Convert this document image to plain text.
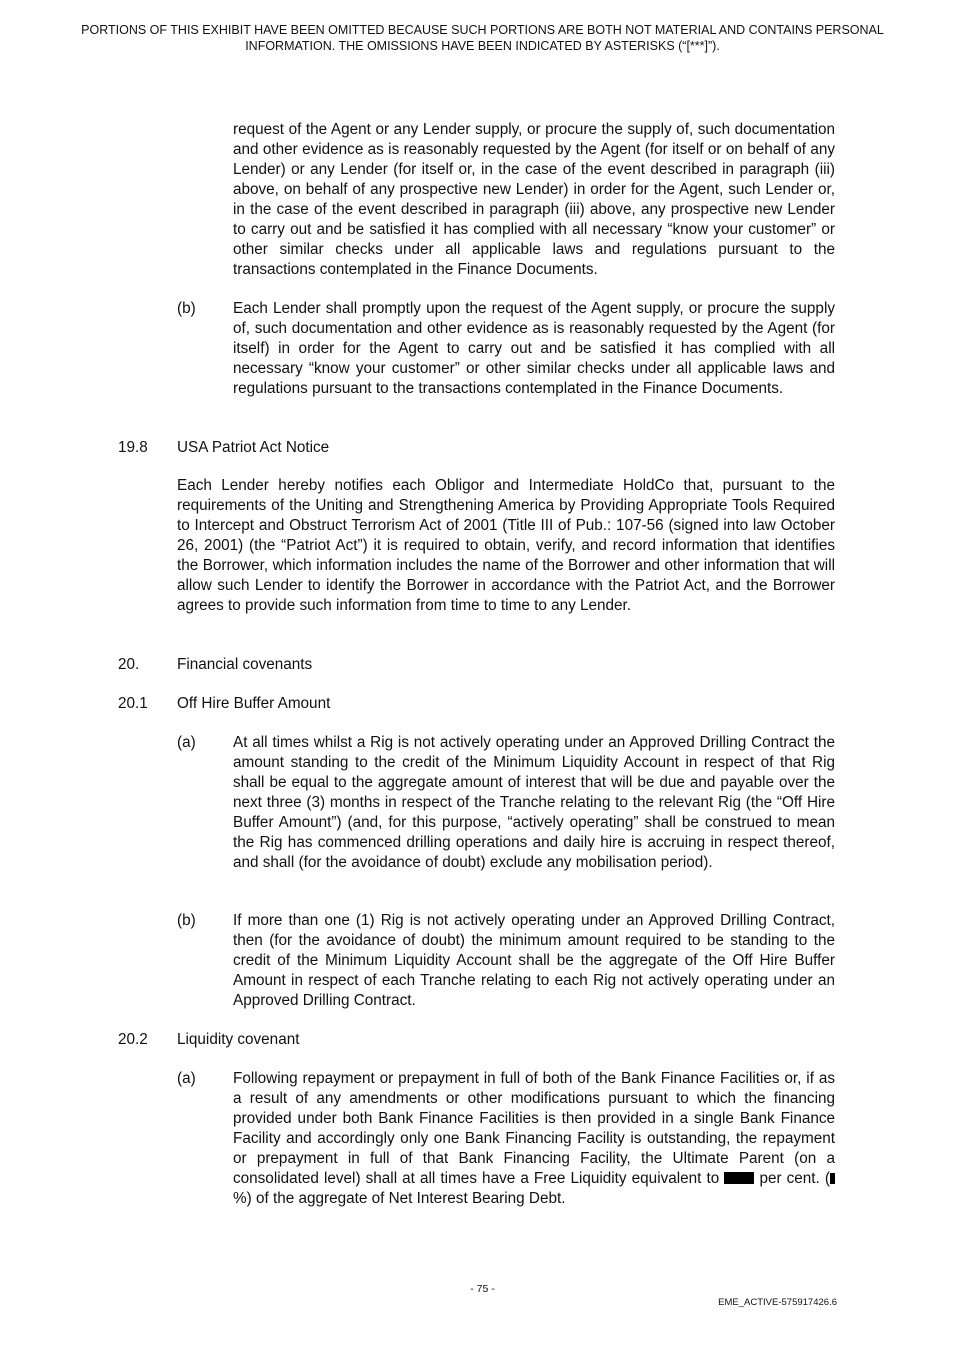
PORTIONS OF THIS EXHIBIT HAVE BEEN OMITTED BECAUSE SUCH PORTIONS ARE BOTH NOT MATERIAL AND CONTAINS PERSONAL INFORMATION. THE OMISSIONS HAVE BEEN INDICATED BY ASTERISKS (“[***]”).

request of the Agent or any Lender supply, or procure the supply of, such documentation and other evidence as is reasonably requested by the Agent (for itself or on behalf of any Lender) or any Lender (for itself or, in the case of the event described in paragraph (iii) above, on behalf of any prospective new Lender) in order for the Agent, such Lender or, in the case of the event described in paragraph (iii) above, any prospective new Lender to carry out and be satisfied it has complied with all necessary “know your customer” or other similar checks under all applicable laws and regulations pursuant to the transactions contemplated in the Finance Documents.

(b) Each Lender shall promptly upon the request of the Agent supply, or procure the supply of, such documentation and other evidence as is reasonably requested by the Agent (for itself) in order for the Agent to carry out and be satisfied it has complied with all necessary “know your customer” or other similar checks under all applicable laws and regulations pursuant to the transactions contemplated in the Finance Documents.

19.8 USA Patriot Act Notice

Each Lender hereby notifies each Obligor and Intermediate HoldCo that, pursuant to the requirements of the Uniting and Strengthening America by Providing Appropriate Tools Required to Intercept and Obstruct Terrorism Act of 2001 (Title III of Pub.: 107-56 (signed into law October 26, 2001) (the “Patriot Act”) it is required to obtain, verify, and record information that identifies the Borrower, which information includes the name of the Borrower and other information that will allow such Lender to identify the Borrower in accordance with the Patriot Act, and the Borrower agrees to provide such information from time to time to any Lender.

20. Financial covenants
20.1 Off Hire Buffer Amount
(a) At all times whilst a Rig is not actively operating under an Approved Drilling Contract the amount standing to the credit of the Minimum Liquidity Account in respect of that Rig shall be equal to the aggregate amount of interest that will be due and payable over the next three (3) months in respect of the Tranche relating to the relevant Rig (the “Off Hire Buffer Amount”) (and, for this purpose, “actively operating” shall be construed to mean the Rig has commenced drilling operations and daily hire is accruing in respect thereof, and shall (for the avoidance of doubt) exclude any mobilisation period).

(b) If more than one (1) Rig is not actively operating under an Approved Drilling Contract, then (for the avoidance of doubt) the minimum amount required to be standing to the credit of the Minimum Liquidity Account shall be the aggregate of the Off Hire Buffer Amount in respect of each Tranche relating to each Rig not actively operating under an Approved Drilling Contract.

20.2 Liquidity covenant
(a) Following repayment or prepayment in full of both of the Bank Finance Facilities or, if as a result of any amendments or other modifications pursuant to which the financing provided under both Bank Finance Facilities is then provided in a single Bank Finance Facility and accordingly only one Bank Financing Facility is outstanding, the repayment or prepayment in full of that Bank Financing Facility, the Ultimate Parent (on a consolidated level) shall at all times have a Free Liquidity equivalent to  per cent. (%) of the aggregate of Net Interest Bearing Debt.

- 75 -
EME_ACTIVE-575917426.6
